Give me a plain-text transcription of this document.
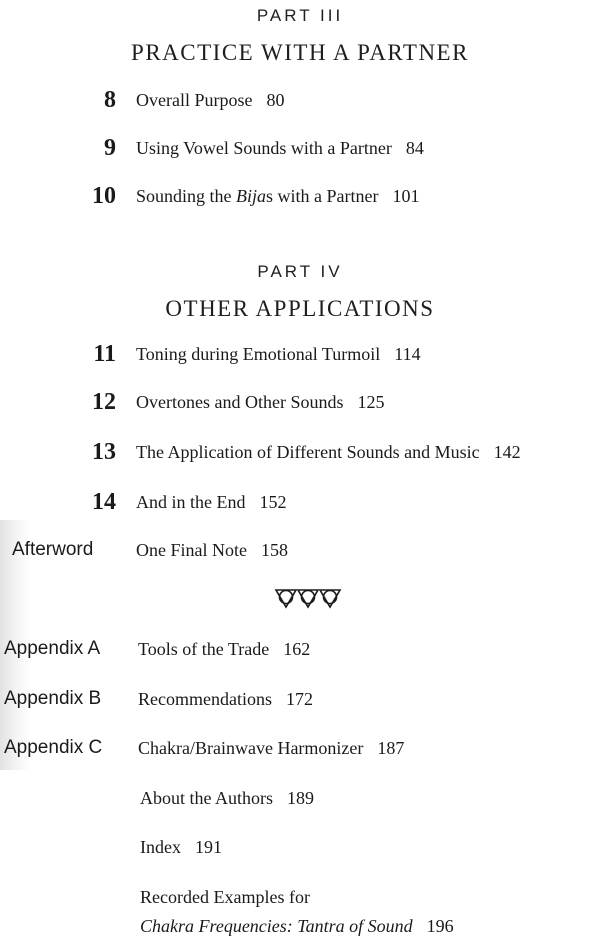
PART III
PRACTICE WITH A PARTNER
8 Overall Purpose 80
9 Using Vowel Sounds with a Partner 84
10 Sounding the Bijas with a Partner 101
PART IV
OTHER APPLICATIONS
11 Toning during Emotional Turmoil 114
12 Overtones and Other Sounds 125
13 The Application of Different Sounds and Music 142
14 And in the End 152
Afterword One Final Note 158
Appendix A Tools of the Trade 162
Appendix B Recommendations 172
Appendix C Chakra/Brainwave Harmonizer 187
About the Authors 189
Index 191
Recorded Examples for
Chakra Frequencies: Tantra of Sound 196
